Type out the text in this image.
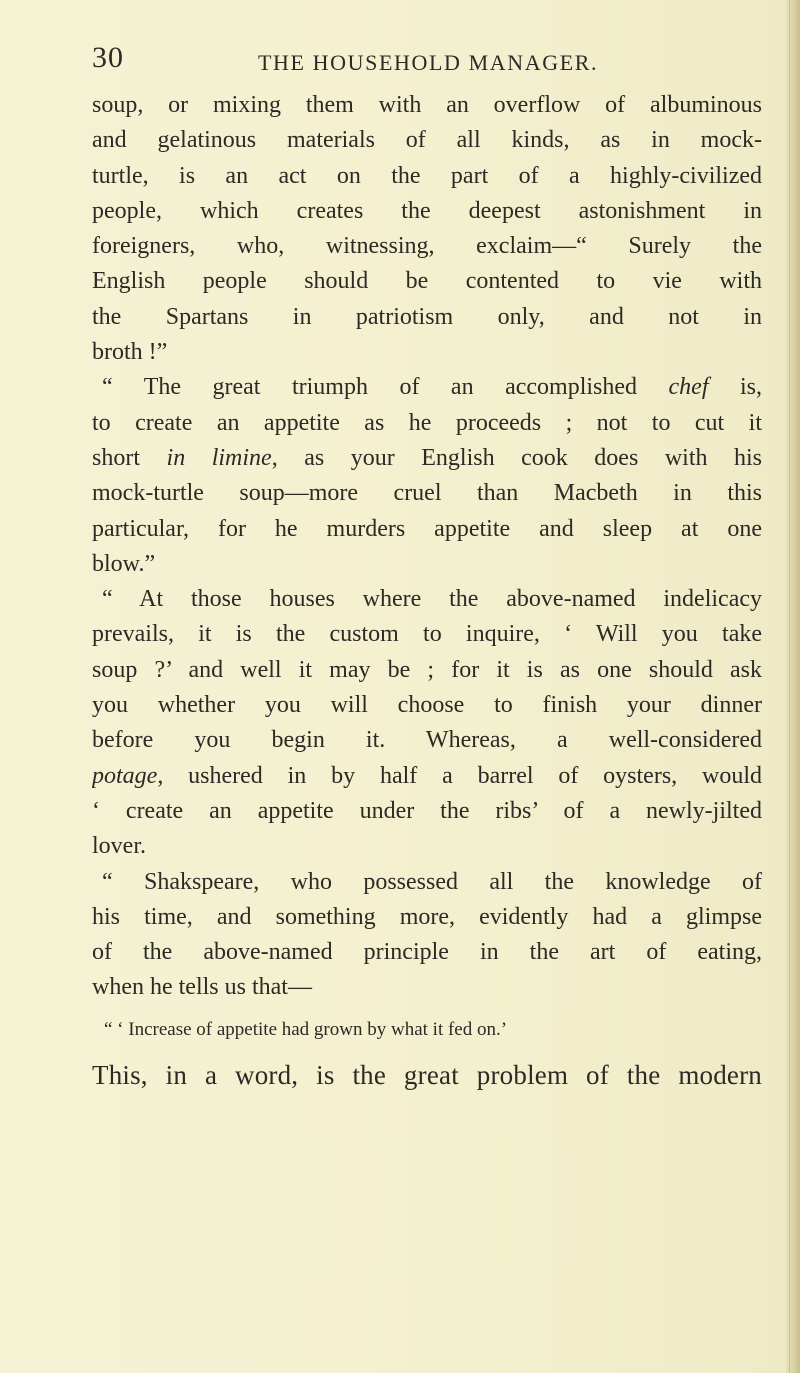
30	THE HOUSEHOLD MANAGER.
soup, or mixing them with an overflow of albuminous
and gelatinous materials of all kinds, as in mock-
turtle, is an act on the part of a highly-civilized
people, which creates the deepest astonishment in
foreigners, who, witnessing, exclaim—“ Surely the
English people should be contented to vie with
the Spartans in patriotism only, and not in
broth !”
“ The great triumph of an accomplished chef is,
to create an appetite as he proceeds ; not to cut it
short in limine, as your English cook does with his
mock-turtle soup—more cruel than Macbeth in this
particular, for he murders appetite and sleep at one
blow.”
“ At those houses where the above-named indelicacy
prevails, it is the custom to inquire, ‘ Will you take
soup ?’ and well it may be ; for it is as one should ask
you whether you will choose to finish your dinner
before you begin it. Whereas, a well-considered
potage, ushered in by half a barrel of oysters, would
‘ create an appetite under the ribs’ of a newly-jilted
lover.
“ Shakspeare, who possessed all the knowledge of
his time, and something more, evidently had a glimpse
of the above-named principle in the art of eating,
when he tells us that—
“ ‘ Increase of appetite had grown by what it fed on.’
This, in a word, is the great problem of the modern
